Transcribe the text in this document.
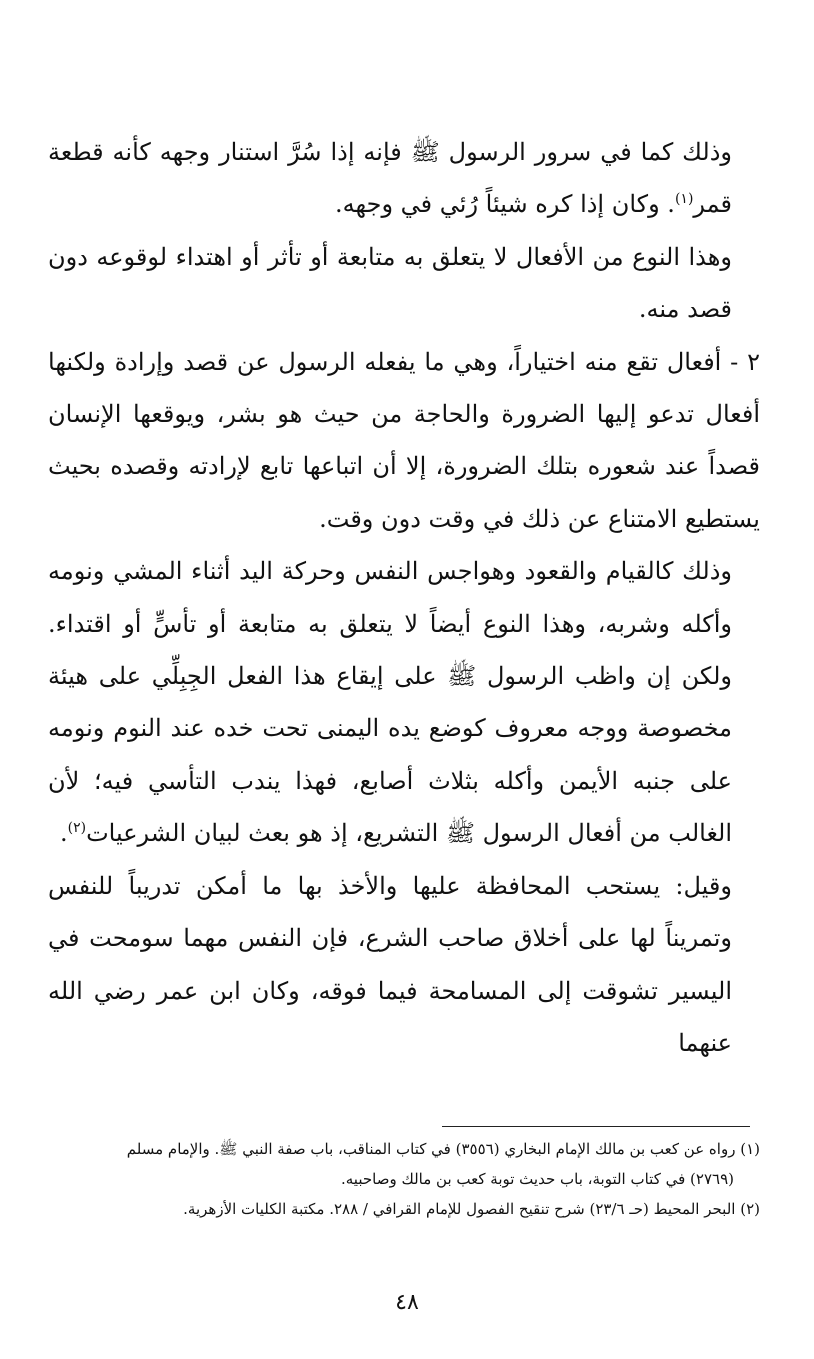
وذلك كما في سرور الرسول ﷺ فإنه إذا سُرَّ استنار وجهه كأنه قطعة قمر$^{(١)}$. وكان إذا كره شيئاً رُئي في وجهه.

وهذا النوع من الأفعال لا يتعلق به متابعة أو تأثر أو اهتداء لوقوعه دون قصد منه.

٢ - أفعال تقع منه اختياراً، وهي ما يفعله الرسول عن قصد وإرادة ولكنها أفعال تدعو إليها الضرورة والحاجة من حيث هو بشر، ويوقعها الإنسان قصداً عند شعوره بتلك الضرورة، إلا أن اتباعها تابع لإرادته وقصده بحيث يستطيع الامتناع عن ذلك في وقت دون وقت.

وذلك كالقيام والقعود وهواجس النفس وحركة اليد أثناء المشي ونومه وأكله وشربه، وهذا النوع أيضاً لا يتعلق به متابعة أو تأسٍّ أو اقتداء. ولكن إن واظب الرسول ﷺ على إيقاع هذا الفعل الجِبِلِّي على هيئة مخصوصة ووجه معروف كوضع يده اليمنى تحت خده عند النوم ونومه على جنبه الأيمن وأكله بثلاث أصابع، فهذا يندب التأسي فيه؛ لأن الغالب من أفعال الرسول ﷺ التشريع، إذ هو بعث لبيان الشرعيات$^{(٢)}$.

وقيل: يستحب المحافظة عليها والأخذ بها ما أمكن تدريباً للنفس وتمريناً لها على أخلاق صاحب الشرع، فإن النفس مهما سومحت في اليسير تشوقت إلى المسامحة فيما فوقه، وكان ابن عمر رضي الله عنهما

(١) رواه عن كعب بن مالك الإمام البخاري (٣٥٥٦) في كتاب المناقب، باب صفة النبي ﷺ. والإمام مسلم

(٢٧٦٩) في كتاب التوبة، باب حديث توبة كعب بن مالك وصاحبيه.

(٢) البحر المحيط (حـ ٢٣/٦) شرح تنقيح الفصول للإمام القرافي / ٢٨٨. مكتبة الكليات الأزهرية.

٤٨
